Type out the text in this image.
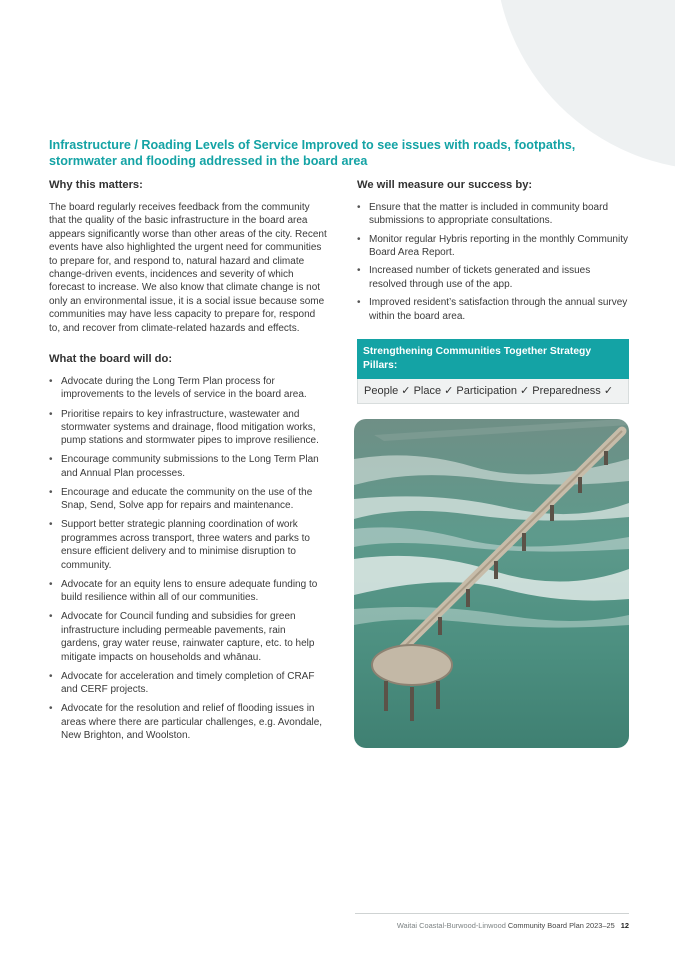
Infrastructure / Roading Levels of Service Improved to see issues with roads, footpaths, stormwater and flooding addressed in the board area
Why this matters:

The board regularly receives feedback from the community that the quality of the basic infrastructure in the board area appears significantly worse than other areas of the city. Recent events have also highlighted the urgent need for communities to prepare for, and respond to, natural hazard and climate change-driven events, incidences and severity of which forecast to increase. We also know that climate change is not only an environmental issue, it is a social issue because some communities may have less capacity to prepare for, respond to, and recover from climate-related hazards and effects.

What the board will do:
• Advocate during the Long Term Plan process for improvements to the levels of service in the board area.
• Prioritise repairs to key infrastructure, wastewater and stormwater systems and drainage, flood mitigation works, pump stations and stormwater pipes to improve resilience.
• Encourage community submissions to the Long Term Plan and Annual Plan processes.
• Encourage and educate the community on the use of the Snap, Send, Solve app for repairs and maintenance.
• Support better strategic planning coordination of work programmes across transport, three waters and parks to ensure efficient delivery and to minimise disruption to community.
• Advocate for an equity lens to ensure adequate funding to build resilience within all of our communities.
• Advocate for Council funding and subsidies for green infrastructure including permeable pavements, rain gardens, gray water reuse, rainwater capture, etc. to help mitigate impacts on households and whānau.
• Advocate for acceleration and timely completion of CRAF and CERF projects.
• Advocate for the resolution and relief of flooding issues in areas where there are particular challenges, e.g. Avondale, New Brighton, and Woolston.
We will measure our success by:
• Ensure that the matter is included in community board submissions to appropriate consultations.
• Monitor regular Hybris reporting in the monthly Community Board Area Report.
• Increased number of tickets generated and issues resolved through use of the app.
• Improved resident’s satisfaction through the annual survey within the board area.
Strengthening Communities Together Strategy Pillars:
People ✓ Place ✓ Participation ✓ Preparedness ✓
Waitai Coastal-Burwood-Linwood Community Board Plan 2023–25 12
